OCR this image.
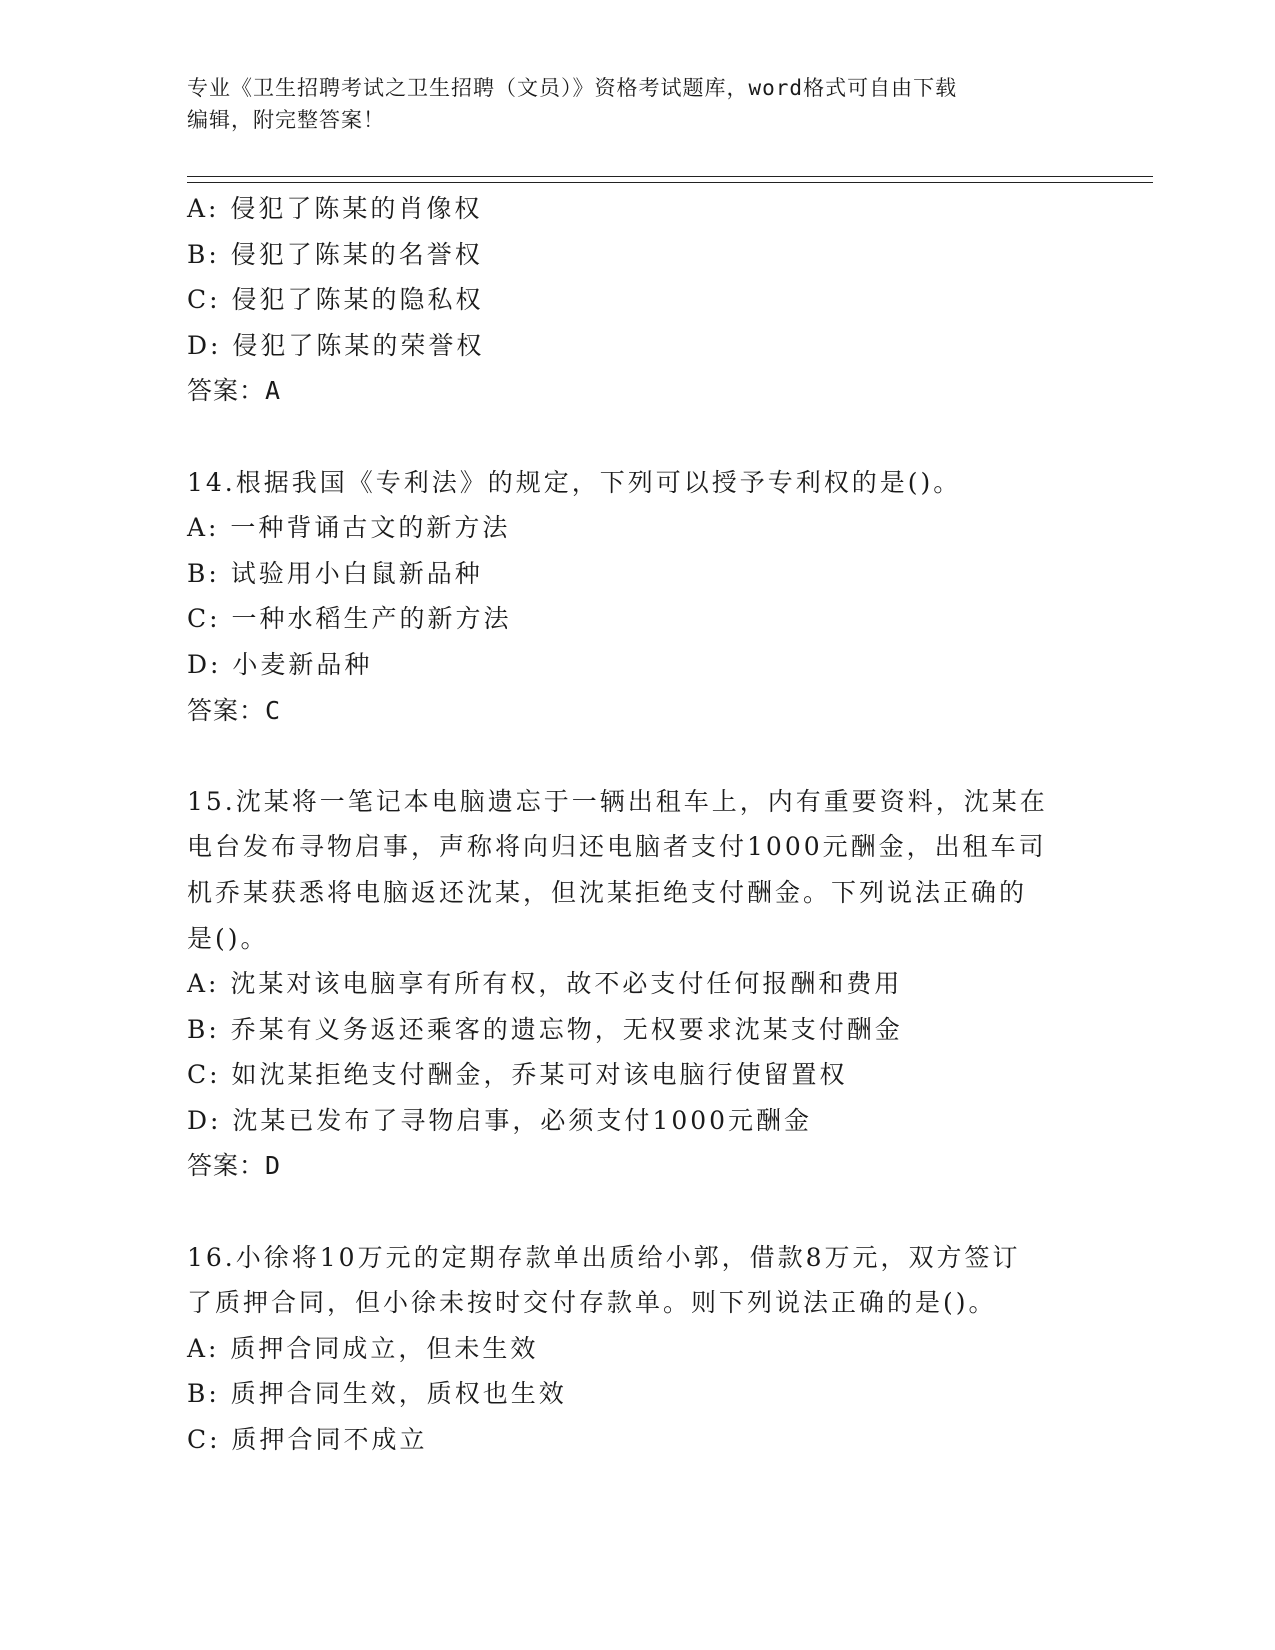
专业《卫生招聘考试之卫生招聘（文员）》资格考试题库，word格式可自由下载
编辑，附完整答案！
A: 侵犯了陈某的肖像权
B: 侵犯了陈某的名誉权
C: 侵犯了陈某的隐私权
D: 侵犯了陈某的荣誉权
答案：A
14.根据我国《专利法》的规定，下列可以授予专利权的是()。
A: 一种背诵古文的新方法
B: 试验用小白鼠新品种
C: 一种水稻生产的新方法
D: 小麦新品种
答案：C
15.沈某将一笔记本电脑遗忘于一辆出租车上，内有重要资料，沈某在
电台发布寻物启事，声称将向归还电脑者支付1000元酬金，出租车司
机乔某获悉将电脑返还沈某，但沈某拒绝支付酬金。下列说法正确的
是()。
A: 沈某对该电脑享有所有权，故不必支付任何报酬和费用
B: 乔某有义务返还乘客的遗忘物，无权要求沈某支付酬金
C: 如沈某拒绝支付酬金，乔某可对该电脑行使留置权
D: 沈某已发布了寻物启事，必须支付1000元酬金
答案：D
16.小徐将10万元的定期存款单出质给小郭，借款8万元，双方签订
了质押合同，但小徐未按时交付存款单。则下列说法正确的是()。
A: 质押合同成立，但未生效
B: 质押合同生效，质权也生效
C: 质押合同不成立
